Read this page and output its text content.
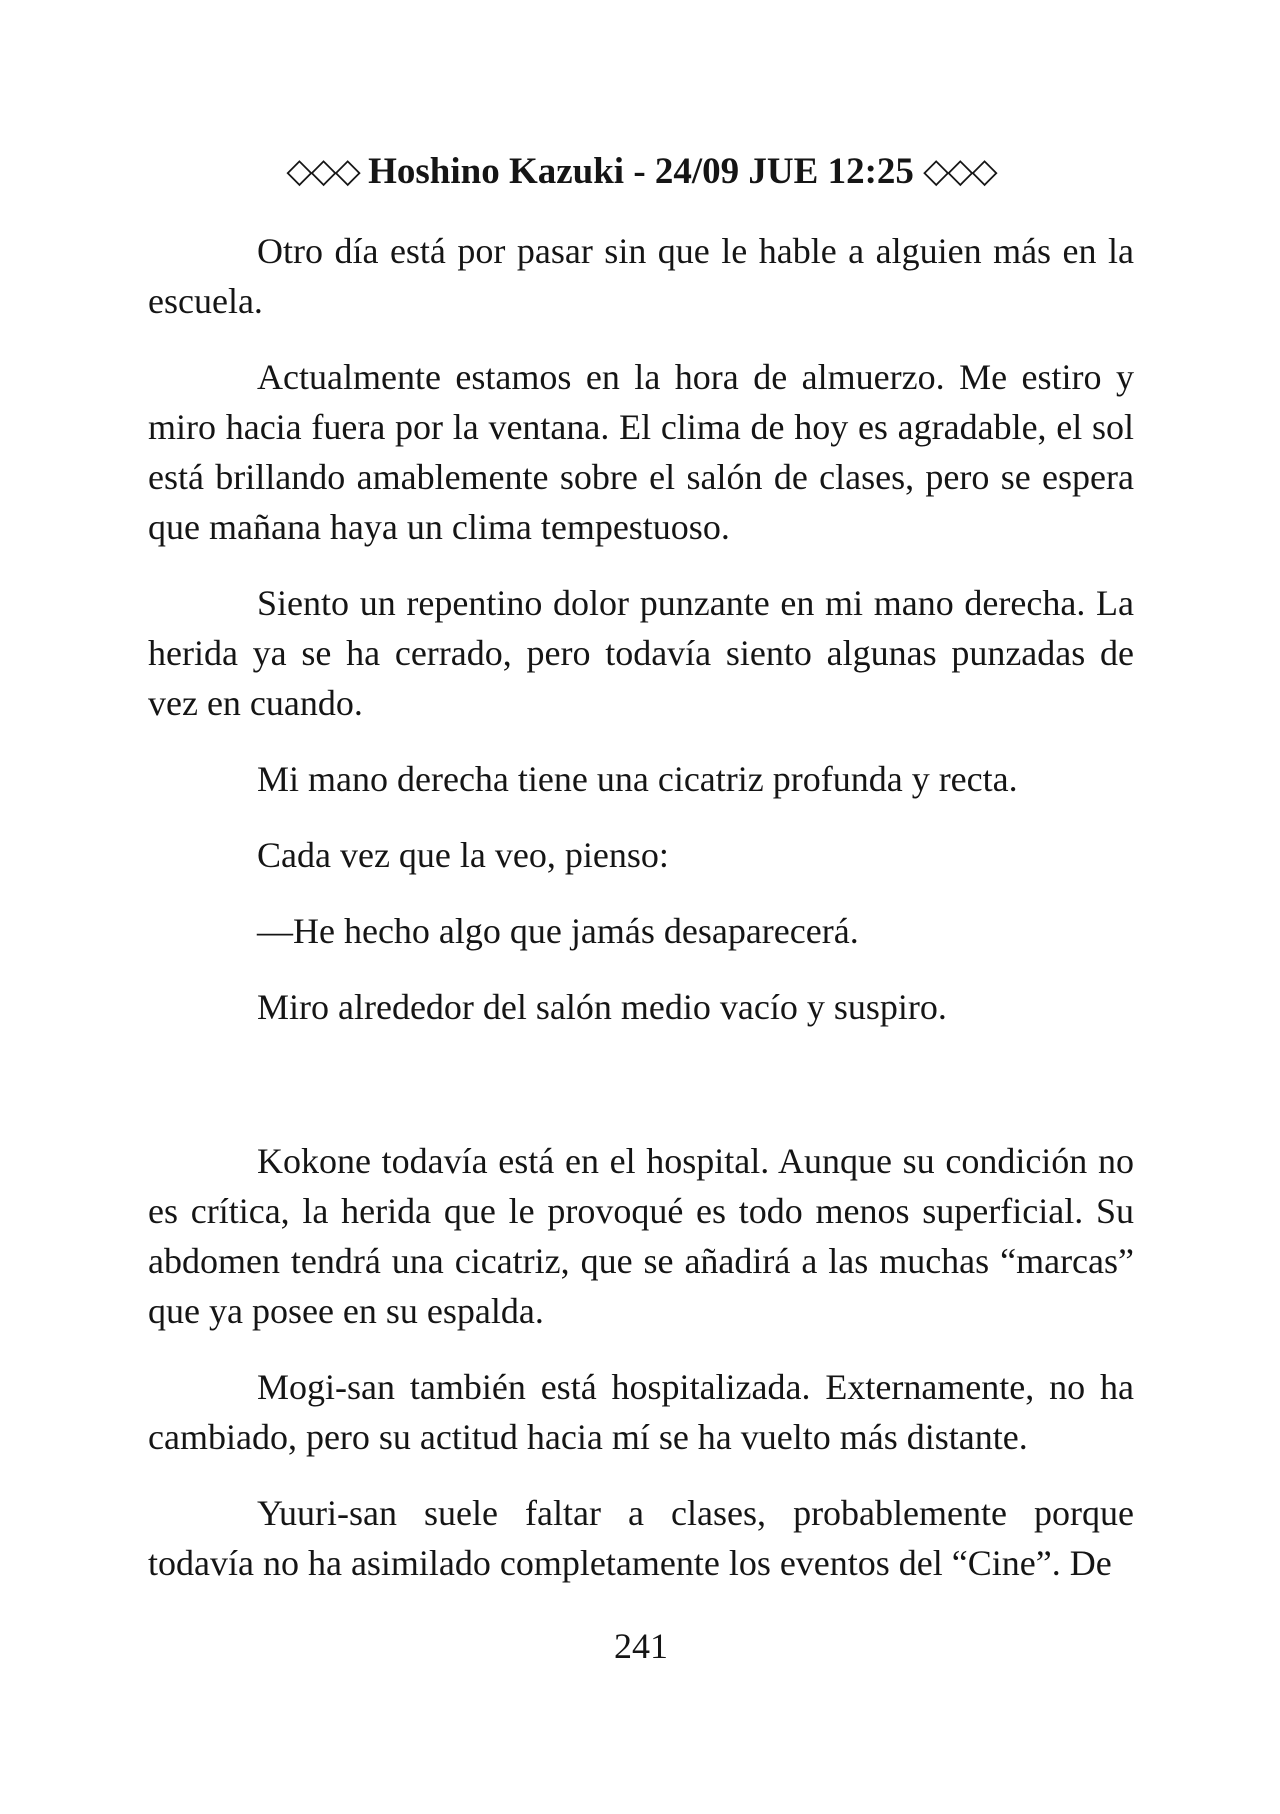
◇◇◇ Hoshino Kazuki - 24/09 JUE 12:25 ◇◇◇

Otro día está por pasar sin que le hable a alguien más en la escuela.

Actualmente estamos en la hora de almuerzo. Me estiro y miro hacia fuera por la ventana. El clima de hoy es agradable, el sol está brillando amablemente sobre el salón de clases, pero se espera que mañana haya un clima tempestuoso.

Siento un repentino dolor punzante en mi mano derecha. La herida ya se ha cerrado, pero todavía siento algunas punzadas de vez en cuando.

Mi mano derecha tiene una cicatriz profunda y recta.

Cada vez que la veo, pienso:

—He hecho algo que jamás desaparecerá.

Miro alrededor del salón medio vacío y suspiro.

Kokone todavía está en el hospital. Aunque su condición no es crítica, la herida que le provoqué es todo menos superficial. Su abdomen tendrá una cicatriz, que se añadirá a las muchas “marcas” que ya posee en su espalda.

Mogi-san también está hospitalizada. Externamente, no ha cambiado, pero su actitud hacia mí se ha vuelto más distante.

Yuuri-san suele faltar a clases, probablemente porque todavía no ha asimilado completamente los eventos del “Cine”. De

241
